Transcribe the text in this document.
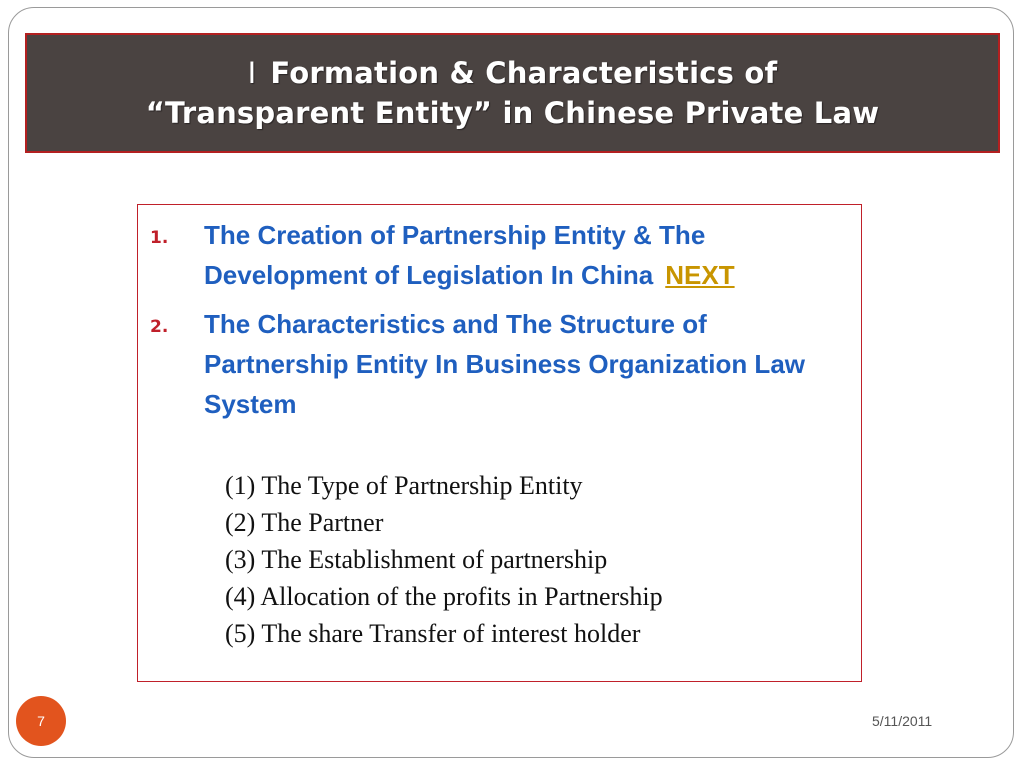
Ⅰ Formation & Characteristics of
“Transparent Entity” in Chinese Private Law
1. The Creation of Partnership Entity & The Development of Legislation In China NEXT
2. The Characteristics and The Structure of Partnership Entity In Business Organization Law System
(1) The Type of Partnership Entity
(2) The Partner
(3) The Establishment of partnership
(4) Allocation of the profits in Partnership
(5) The share Transfer of interest holder
7	5/11/2011
